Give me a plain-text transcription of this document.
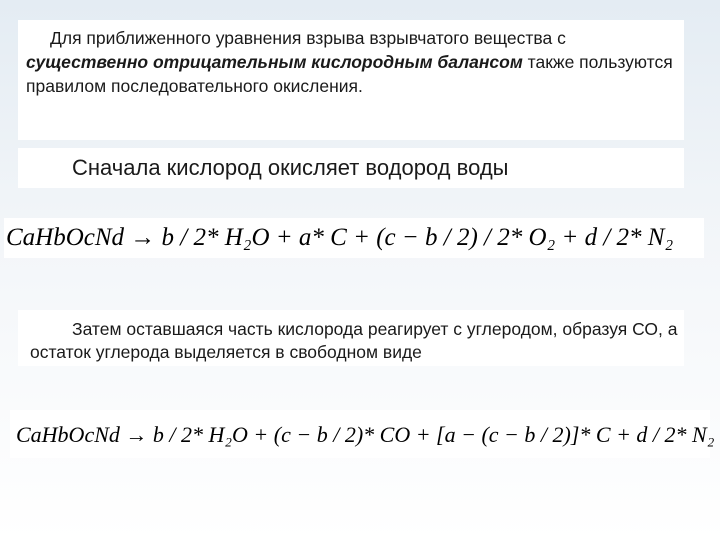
Для приближенного уравнения взрыва взрывчатого вещества с существенно отрицательным кислородным балансом также пользуются правилом последовательного окисления.

Сначала кислород окисляет водород воды

CaHbOcNd → b / 2* H₂O + a* C + (c − b / 2) / 2* O₂ + d / 2* N₂

Затем оставшаяся часть кислорода реагирует с углеродом, образуя СО, а остаток углерода выделяется в свободном виде

CaHbOcNd → b / 2* H₂O + (c − b / 2)* CO + [a − (c − b / 2)]* C + d / 2* N₂
